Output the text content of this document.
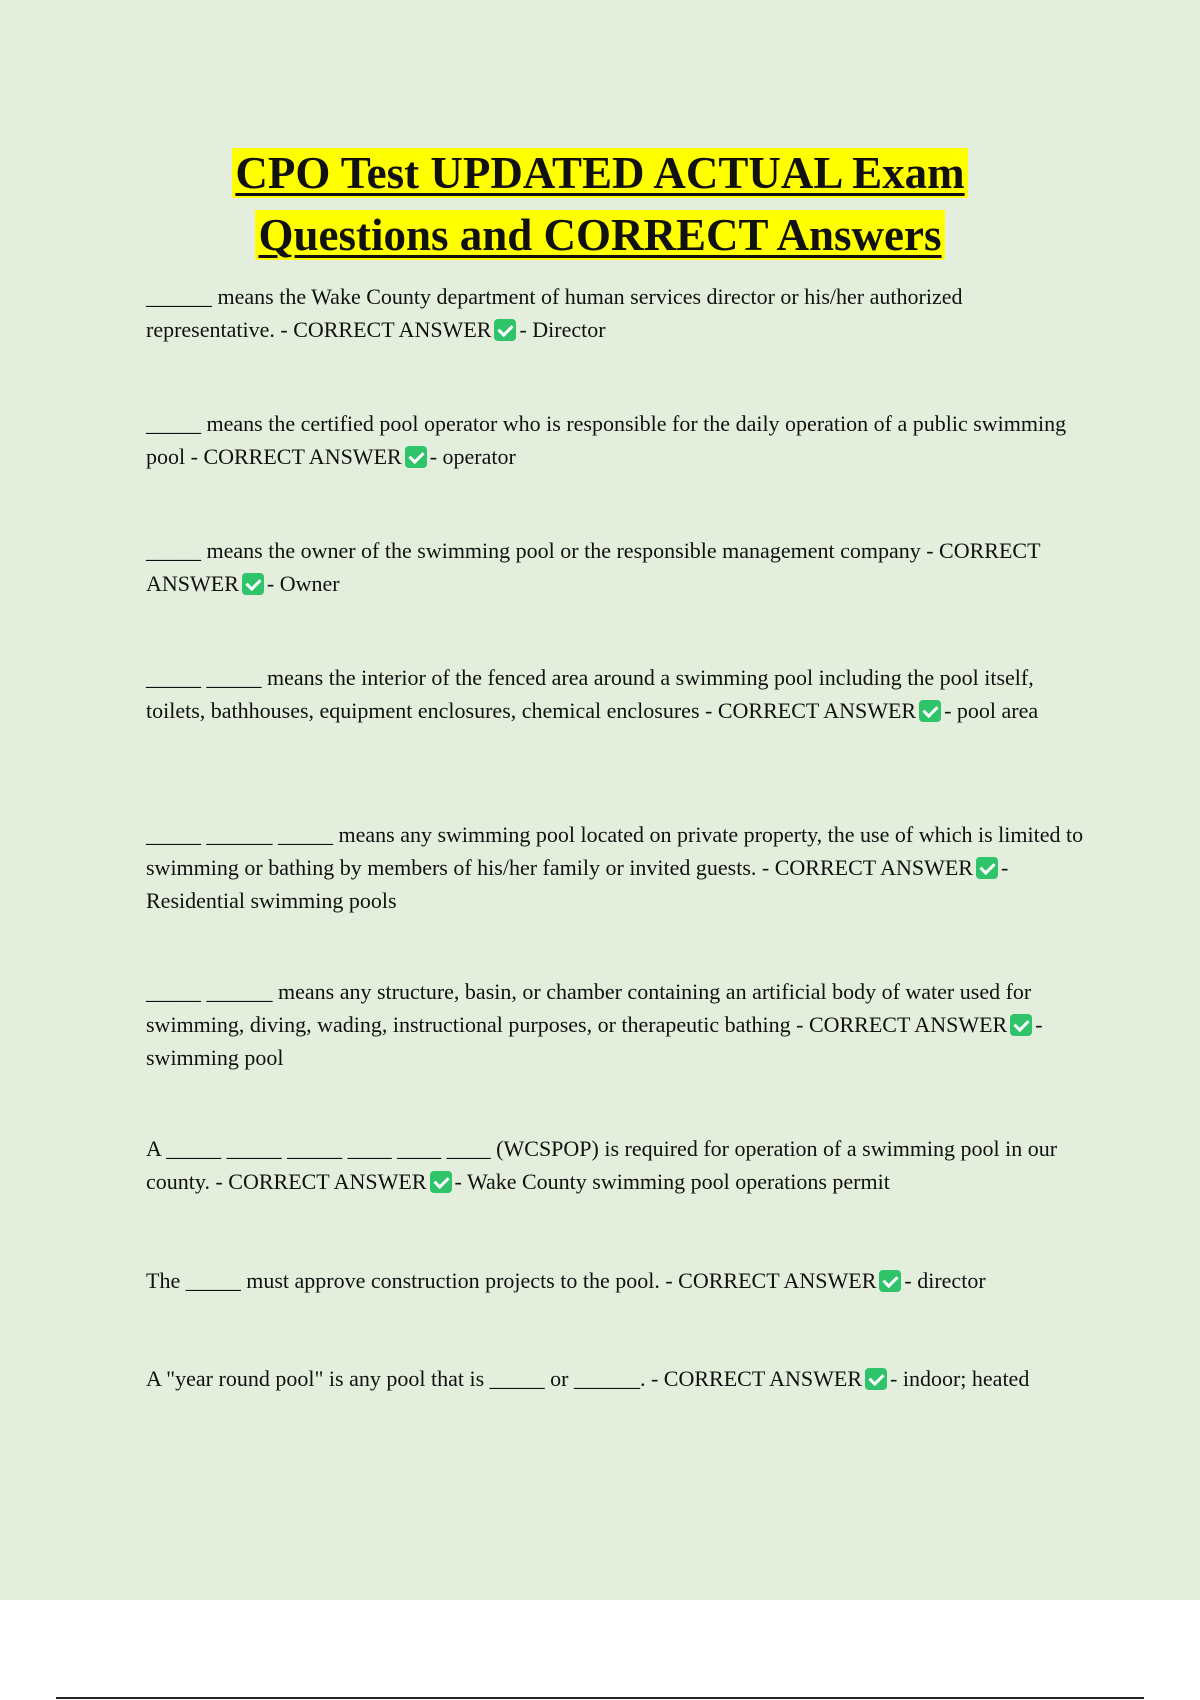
CPO Test UPDATED ACTUAL Exam
Questions and CORRECT Answers

______ means the Wake County department of human services director or his/her authorized representative. - CORRECT ANSWER - Director

_____ means the certified pool operator who is responsible for the daily operation of a public swimming pool - CORRECT ANSWER - operator

_____ means the owner of the swimming pool or the responsible management company - CORRECT ANSWER - Owner

_____ _____ means the interior of the fenced area around a swimming pool including the pool itself, toilets, bathhouses, equipment enclosures, chemical enclosures - CORRECT ANSWER - pool area

_____ ______ _____ means any swimming pool located on private property, the use of which is limited to swimming or bathing by members of his/her family or invited guests. - CORRECT ANSWER - Residential swimming pools

_____ ______ means any structure, basin, or chamber containing an artificial body of water used for swimming, diving, wading, instructional purposes, or therapeutic bathing - CORRECT ANSWER - swimming pool

A _____ _____ _____ ____ ____ ____ (WCSPOP) is required for operation of a swimming pool in our county. - CORRECT ANSWER - Wake County swimming pool operations permit

The _____ must approve construction projects to the pool. - CORRECT ANSWER - director

A "year round pool" is any pool that is _____ or ______. - CORRECT ANSWER - indoor; heated
